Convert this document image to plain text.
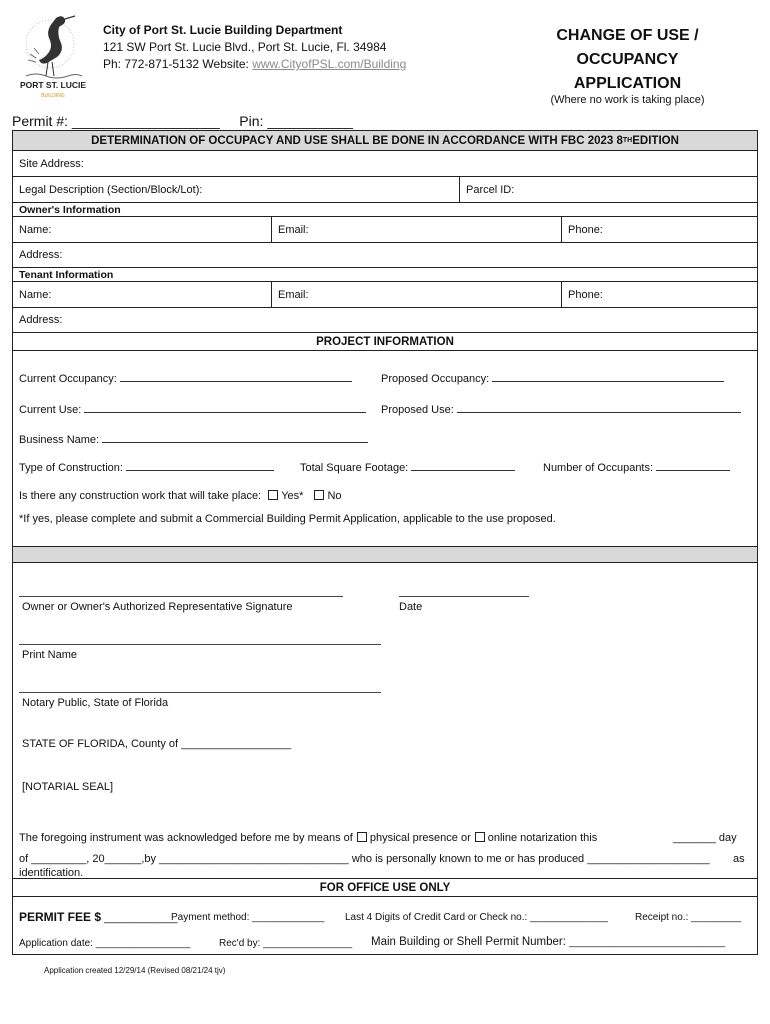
PORT ST. LUCIE
BUILDING
City of Port St. Lucie Building Department
121 SW Port St. Lucie Blvd., Port St. Lucie, Fl. 34984
Ph: 772-871-5132 Website: www.CityofPSL.com/Building
CHANGE OF USE /
OCCUPANCY
APPLICATION
(Where no work is taking place)
Permit #: ___________________ Pin: ___________
DETERMINATION OF OCCUPACY AND USE SHALL BE DONE IN ACCORDANCE WITH FBC 2023 8 TH EDITION
Site Address:
Legal Description (Section/Block/Lot):	Parcel ID:
Owner's Information
Name:	Email:	Phone:
Address:
Tenant Information
Name:	Email:	Phone:
Address:
PROJECT INFORMATION
Current Occupancy:	Proposed Occupancy:
Current Use:	Proposed Use:
Business Name:
Type of Construction:	Total Square Footage:	Number of Occupants:
Is there any construction work that will take place: Yes* No
*If yes, please complete and submit a Commercial Building Permit Application, applicable to the use proposed.
Owner or Owner's Authorized Representative Signature	Date
Print Name
Notary Public, State of Florida
STATE OF FLORIDA, County of __________________
[NOTARIAL SEAL]
The foregoing instrument was acknowledged before me by means of physical presence or online notarization this	_______ day
of _________, 20______,by _______________________________ who is personally known to me or has produced ____________________ as
identification.
FOR OFFICE USE ONLY
PERMIT FEE $ ____________
Payment method: _____________ Last 4 Digits of Credit Card or Check no.: ______________	Receipt no.: _________
Application date: _________________	Rec'd by: ________________ Main Building or Shell Permit Number: ____________________________
Application created 12/29/14 (Revised 08/21/24 tjv)
